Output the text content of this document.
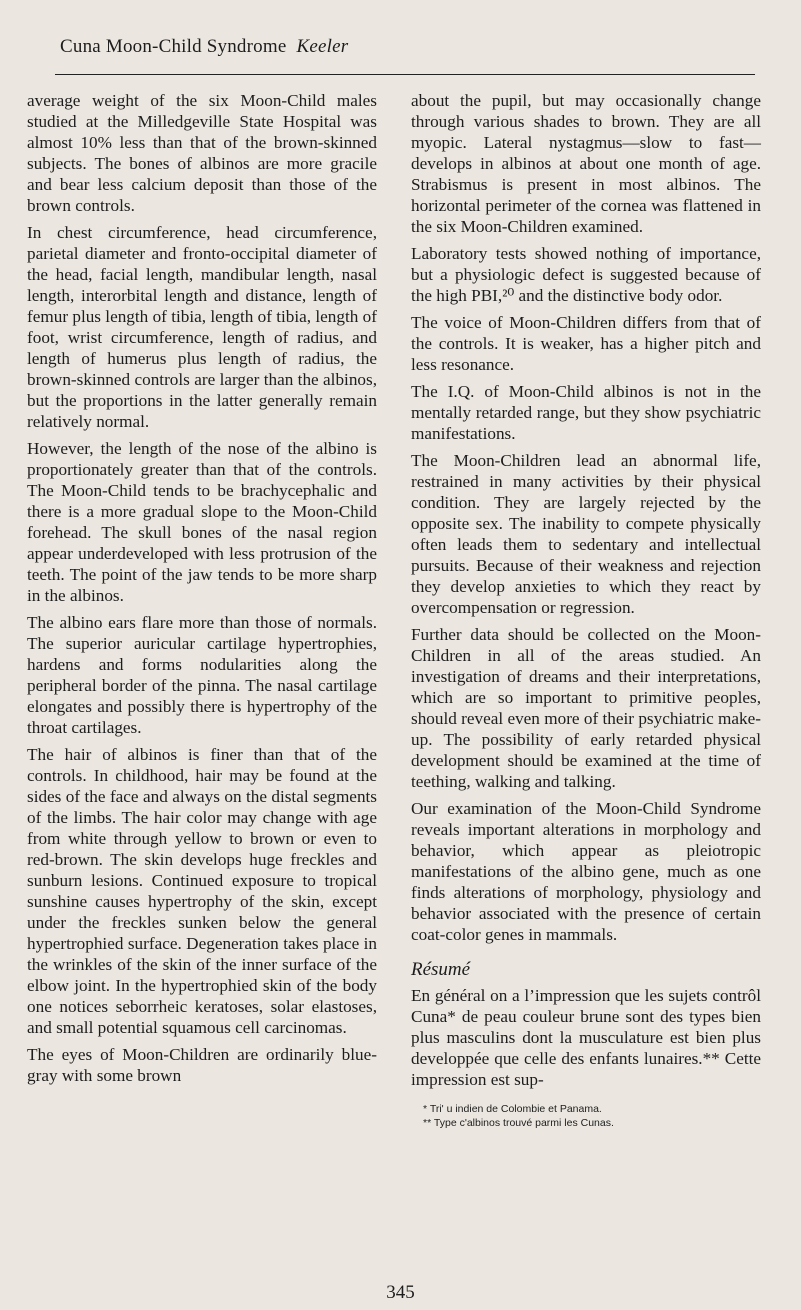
Cuna Moon-Child Syndrome Keeler

average weight of the six Moon-Child males studied at the Milledgeville State Hospital was almost 10% less than that of the brown-skinned subjects. The bones of albinos are more gracile and bear less calcium deposit than those of the brown controls.

In chest circumference, head circumference, parietal diameter and fronto-occipital diameter of the head, facial length, mandibular length, nasal length, interorbital length and distance, length of femur plus length of tibia, length of tibia, length of foot, wrist circumference, length of radius, and length of humerus plus length of radius, the brown-skinned controls are larger than the albinos, but the proportions in the latter generally remain relatively normal.

However, the length of the nose of the albino is proportionately greater than that of the controls. The Moon-Child tends to be brachycephalic and there is a more gradual slope to the Moon-Child forehead. The skull bones of the nasal region appear underdeveloped with less protrusion of the teeth. The point of the jaw tends to be more sharp in the albinos.

The albino ears flare more than those of normals. The superior auricular cartilage hypertrophies, hardens and forms nodularities along the peripheral border of the pinna. The nasal cartilage elongates and possibly there is hypertrophy of the throat cartilages.

The hair of albinos is finer than that of the controls. In childhood, hair may be found at the sides of the face and always on the distal segments of the limbs. The hair color may change with age from white through yellow to brown or even to red-brown. The skin develops huge freckles and sunburn lesions. Continued exposure to tropical sunshine causes hypertrophy of the skin, except under the freckles sunken below the general hypertrophied surface. Degeneration takes place in the wrinkles of the skin of the inner surface of the elbow joint. In the hypertrophied skin of the body one notices seborrheic keratoses, solar elastoses, and small potential squamous cell carcinomas.

The eyes of Moon-Children are ordinarily blue-gray with some brown

about the pupil, but may occasionally change through various shades to brown. They are all myopic. Lateral nystagmus—slow to fast—develops in albinos at about one month of age. Strabismus is present in most albinos. The horizontal perimeter of the cornea was flattened in the six Moon-Children examined.

Laboratory tests showed nothing of importance, but a physiologic defect is suggested because of the high PBI,²⁰ and the distinctive body odor.

The voice of Moon-Children differs from that of the controls. It is weaker, has a higher pitch and less resonance.

The I.Q. of Moon-Child albinos is not in the mentally retarded range, but they show psychiatric manifestations.

The Moon-Children lead an abnormal life, restrained in many activities by their physical condition. They are largely rejected by the opposite sex. The inability to compete physically often leads them to sedentary and intellectual pursuits. Because of their weakness and rejection they develop anxieties to which they react by overcompensation or regression.

Further data should be collected on the Moon-Children in all of the areas studied. An investigation of dreams and their interpretations, which are so important to primitive peoples, should reveal even more of their psychiatric make-up. The possibility of early retarded physical development should be examined at the time of teething, walking and talking.

Our examination of the Moon-Child Syndrome reveals important alterations in morphology and behavior, which appear as pleiotropic manifestations of the albino gene, much as one finds alterations of morphology, physiology and behavior associated with the presence of certain coat-color genes in mammals.

Résumé

En général on a l’impression que les sujets contrôl Cuna* de peau couleur brune sont des types bien plus masculins dont la musculature est bien plus developpée que celle des enfants lunaires.** Cette impression est sup-

* Tri' u indien de Colombie et Panama.
** Type c'albinos trouvé parmi les Cunas.
345
